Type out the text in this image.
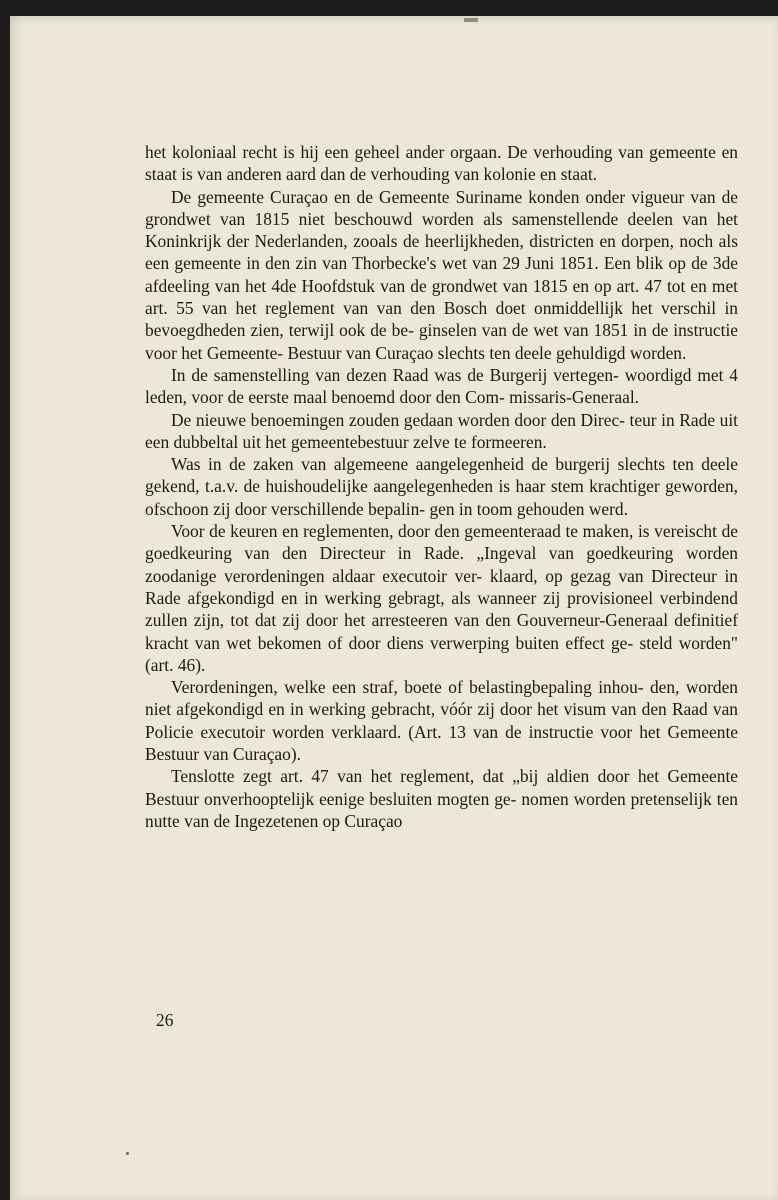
het koloniaal recht is hij een geheel ander orgaan. De verhouding van gemeente en staat is van anderen aard dan de verhouding van kolonie en staat.

De gemeente Curaçao en de Gemeente Suriname konden onder vigueur van de grondwet van 1815 niet beschouwd worden als samenstellende deelen van het Koninkrijk der Nederlanden, zooals de heerlijkheden, districten en dorpen, noch als een gemeente in den zin van Thorbecke's wet van 29 Juni 1851. Een blik op de 3de afdeeling van het 4de Hoofdstuk van de grondwet van 1815 en op art. 47 tot en met art. 55 van het reglement van van den Bosch doet onmiddellijk het verschil in bevoegdheden zien, terwijl ook de be- ginselen van de wet van 1851 in de instructie voor het Gemeente- Bestuur van Curaçao slechts ten deele gehuldigd worden.

In de samenstelling van dezen Raad was de Burgerij vertegen- woordigd met 4 leden, voor de eerste maal benoemd door den Com- missaris-Generaal.

De nieuwe benoemingen zouden gedaan worden door den Direc- teur in Rade uit een dubbeltal uit het gemeentebestuur zelve te formeeren.

Was in de zaken van algemeene aangelegenheid de burgerij slechts ten deele gekend, t.a.v. de huishoudelijke aangelegenheden is haar stem krachtiger geworden, ofschoon zij door verschillende bepalin- gen in toom gehouden werd.

Voor de keuren en reglementen, door den gemeenteraad te maken, is vereischt de goedkeuring van den Directeur in Rade. „Ingeval van goedkeuring worden zoodanige verordeningen aldaar executoir ver- klaard, op gezag van Directeur in Rade afgekondigd en in werking gebragt, als wanneer zij provisioneel verbindend zullen zijn, tot dat zij door het arresteeren van den Gouverneur-Generaal definitief kracht van wet bekomen of door diens verwerping buiten effect ge- steld worden" (art. 46).

Verordeningen, welke een straf, boete of belastingbepaling inhou- den, worden niet afgekondigd en in werking gebracht, vóór zij door het visum van den Raad van Policie executoir worden verklaard. (Art. 13 van de instructie voor het Gemeente Bestuur van Curaçao).

Tenslotte zegt art. 47 van het reglement, dat „bij aldien door het Gemeente Bestuur onverhooptelijk eenige besluiten mogten ge- nomen worden pretenselijk ten nutte van de Ingezetenen op Curaçao

26
